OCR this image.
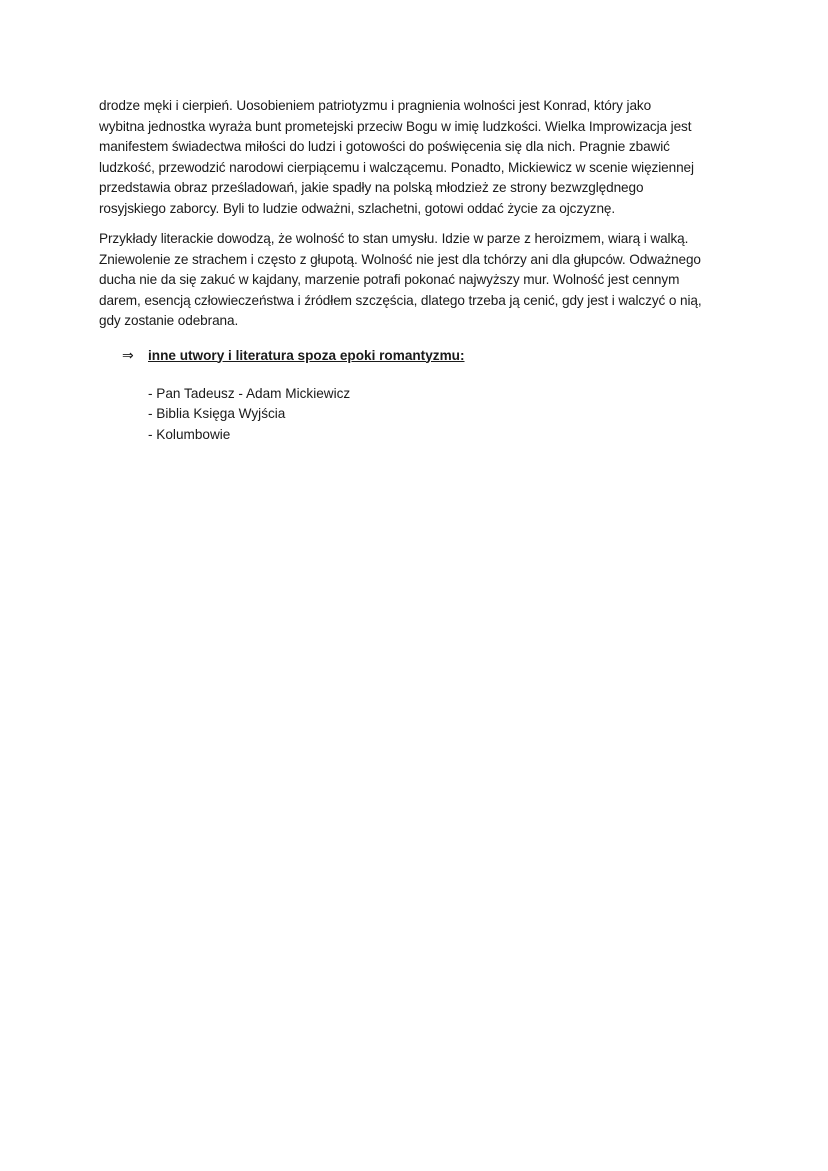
drodze męki i cierpień. Uosobieniem patriotyzmu i pragnienia wolności jest Konrad, który jako
wybitna jednostka wyraża bunt prometejski przeciw Bogu w imię ludzkości. Wielka Improwizacja jest
manifestem świadectwa miłości do ludzi i gotowości do poświęcenia się dla nich. Pragnie zbawić
ludzkość, przewodzić narodowi cierpiącemu i walczącemu. Ponadto, Mickiewicz w scenie więziennej
przedstawia obraz prześladowań, jakie spadły na polską młodzież ze strony bezwzględnego
rosyjskiego zaborcy. Byli to ludzie odważni, szlachetni, gotowi oddać życie za ojczyznę.

Przykłady literackie dowodzą, że wolność to stan umysłu. Idzie w parze z heroizmem, wiarą i walką.
Zniewolenie ze strachem i często z głupotą. Wolność nie jest dla tchórzy ani dla głupców. Odważnego
ducha nie da się zakuć w kajdany, marzenie potrafi pokonać najwyższy mur. Wolność jest cennym
darem, esencją człowieczeństwa i źródłem szczęścia, dlatego trzeba ją cenić, gdy jest i walczyć o nią,
gdy zostanie odebrana.

⇒	inne utwory i literatura spoza epoki romantyzmu:
- Pan Tadeusz - Adam Mickiewicz
- Biblia Księga Wyjścia
- Kolumbowie
